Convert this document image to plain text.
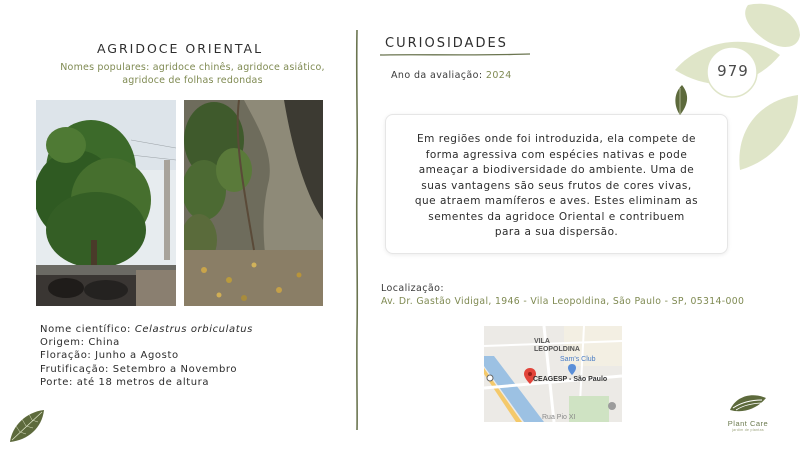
AGRIDOCE ORIENTAL
Nomes populares: agridoce chinês, agridoce asiático, agridoce de folhas redondas
Nome científico: Celastrus orbiculatus
Origem: China
Floração: Junho a Agosto
Frutificação: Setembro a Novembro
Porte: até 18 metros de altura
CURIOSIDADES
Ano da avaliação: 2024
Em regiões onde foi introduzida, ela compete de
forma agressiva com espécies nativas e pode
ameaçar a biodiversidade do ambiente. Uma de
suas vantagens são seus frutos de cores vivas,
que atraem mamíferos e aves. Estes eliminam as
sementes da agridoce Oriental e contribuem
para a sua dispersão.
Localização:
Av. Dr. Gastão Vidigal, 1946 - Vila Leopoldina, São Paulo - SP, 05314-000
VILA
LEOPOLDINA
Sam's Club
CEAGESP - São Paulo
Rua Pio XI
979
Plant Care
jardim de plantas
